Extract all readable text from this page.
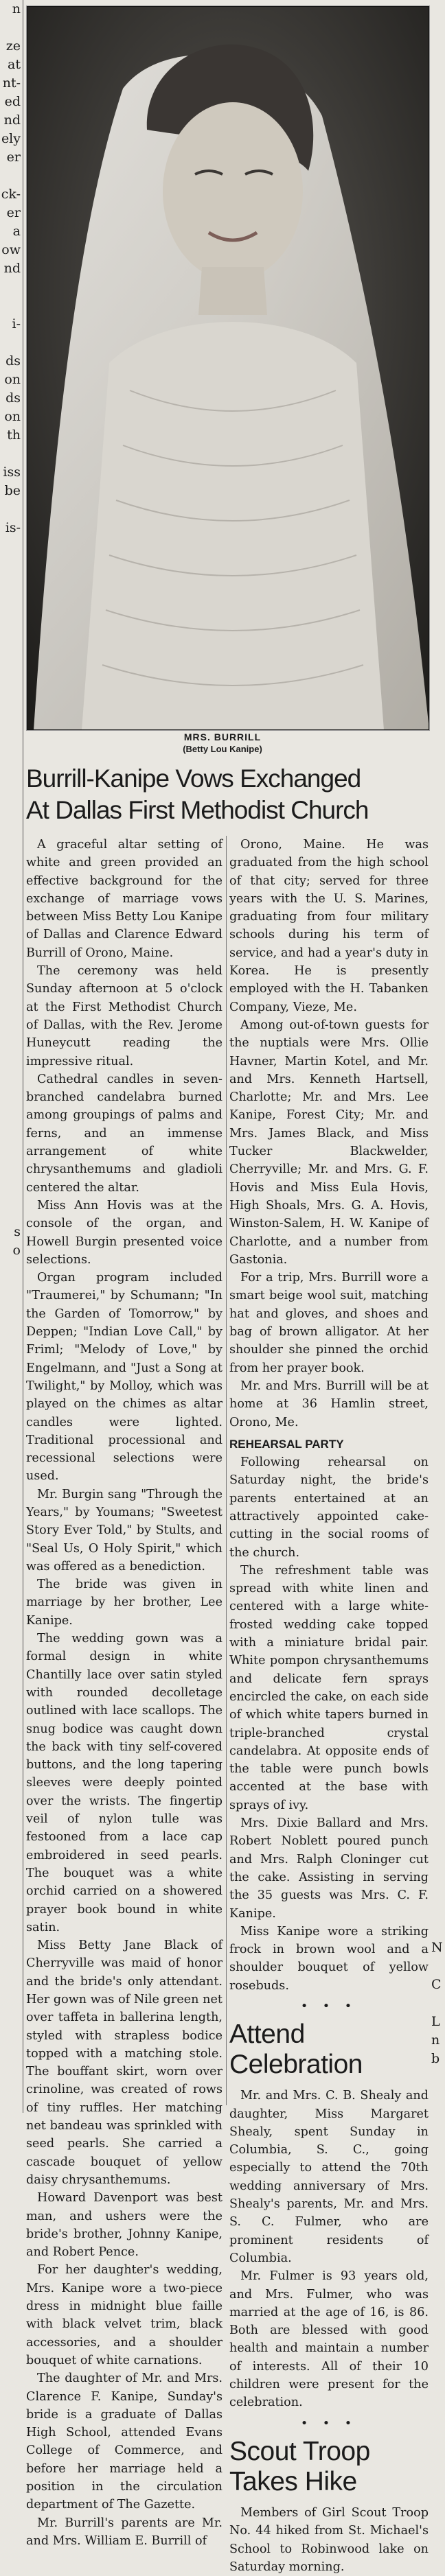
n

ze
at
nt-
ed
nd
ely
er

ck-
er
a
ow
nd

i-

ds
on
ds
on
th

iss
be

is-

s
o

N

C

L
n
b

MRS. BURRILL
(Betty Lou Kanipe)
Burrill-Kanipe Vows Exchanged
At Dallas First Methodist Church

A graceful altar setting of white and green provided an effective background for the exchange of marriage vows between Miss Betty Lou Kanipe of Dallas and Clarence Edward Burrill of Orono, Maine.

The ceremony was held Sunday afternoon at 5 o'clock at the First Methodist Church of Dallas, with the Rev. Jerome Huneycutt reading the impressive ritual.

Cathedral candles in seven-branched candelabra burned among groupings of palms and ferns, and an immense arrangement of white chrysanthemums and gladioli centered the altar.

Miss Ann Hovis was at the console of the organ, and Howell Burgin presented voice selections.

Organ program included "Traumerei," by Schumann; "In the Garden of Tomorrow," by Deppen; "Indian Love Call," by Friml; "Melody of Love," by Engelmann, and "Just a Song at Twilight," by Molloy, which was played on the chimes as altar candles were lighted. Traditional processional and recessional selections were used.

Mr. Burgin sang "Through the Years," by Youmans; "Sweetest Story Ever Told," by Stults, and "Seal Us, O Holy Spirit," which was offered as a benediction.

The bride was given in marriage by her brother, Lee Kanipe.

The wedding gown was a formal design in white Chantilly lace over satin styled with rounded decolletage outlined with lace scallops. The snug bodice was caught down the back with tiny self-covered buttons, and the long tapering sleeves were deeply pointed over the wrists. The fingertip veil of nylon tulle was festooned from a lace cap embroidered in seed pearls. The bouquet was a white orchid carried on a showered prayer book bound in white satin.

Miss Betty Jane Black of Cherryville was maid of honor and the bride's only attendant. Her gown was of Nile green net over taffeta in ballerina length, styled with strapless bodice topped with a matching stole. The bouffant skirt, worn over crinoline, was created of rows of tiny ruffles. Her matching net bandeau was sprinkled with seed pearls. She carried a cascade bouquet of yellow daisy chrysanthemums.

Howard Davenport was best man, and ushers were the bride's brother, Johnny Kanipe, and Robert Pence.

For her daughter's wedding, Mrs. Kanipe wore a two-piece dress in midnight blue faille with black velvet trim, black accessories, and a shoulder bouquet of white carnations.

The daughter of Mr. and Mrs. Clarence F. Kanipe, Sunday's bride is a graduate of Dallas High School, attended Evans College of Commerce, and before her marriage held a position in the circulation department of The Gazette.

Mr. Burrill's parents are Mr. and Mrs. William E. Burrill of

Orono, Maine. He was graduated from the high school of that city; served for three years with the U. S. Marines, graduating from four military schools during his term of service, and had a year's duty in Korea. He is presently employed with the H. Tabanken Company, Vieze, Me.

Among out-of-town guests for the nuptials were Mrs. Ollie Havner, Martin Kotel, and Mr. and Mrs. Kenneth Hartsell, Charlotte; Mr. and Mrs. Lee Kanipe, Forest City; Mr. and Mrs. James Black, and Miss Tucker Blackwelder, Cherryville; Mr. and Mrs. G. F. Hovis and Miss Eula Hovis, High Shoals, Mrs. G. A. Hovis, Winston-Salem, H. W. Kanipe of Charlotte, and a number from Gastonia.

For a trip, Mrs. Burrill wore a smart beige wool suit, matching hat and gloves, and shoes and bag of brown alligator. At her shoulder she pinned the orchid from her prayer book.

Mr. and Mrs. Burrill will be at home at 36 Hamlin street, Orono, Me.

REHEARSAL PARTY

Following rehearsal on Saturday night, the bride's parents entertained at an attractively appointed cake-cutting in the social rooms of the church.

The refreshment table was spread with white linen and centered with a large white-frosted wedding cake topped with a miniature bridal pair. White pompon chrysanthemums and delicate fern sprays encircled the cake, on each side of which white tapers burned in triple-branched crystal candelabra. At opposite ends of the table were punch bowls accented at the base with sprays of ivy.

Mrs. Dixie Ballard and Mrs. Robert Noblett poured punch and Mrs. Ralph Cloninger cut the cake. Assisting in serving the 35 guests was Mrs. C. F. Kanipe.

Miss Kanipe wore a striking frock in brown wool and a shoulder bouquet of yellow rosebuds.

• • •

Attend
Celebration

Mr. and Mrs. C. B. Shealy and daughter, Miss Margaret Shealy, spent Sunday in Columbia, S. C., going especially to attend the 70th wedding anniversary of Mrs. Shealy's parents, Mr. and Mrs. S. C. Fulmer, who are prominent residents of Columbia.

Mr. Fulmer is 93 years old, and Mrs. Fulmer, who was married at the age of 16, is 86. Both are blessed with good health and maintain a number of interests. All of their 10 children were present for the celebration.

• • •

Scout Troop
Takes Hike

Members of Girl Scout Troop No. 44 hiked from St. Michael's School to Robinwood lake on Saturday morning.
